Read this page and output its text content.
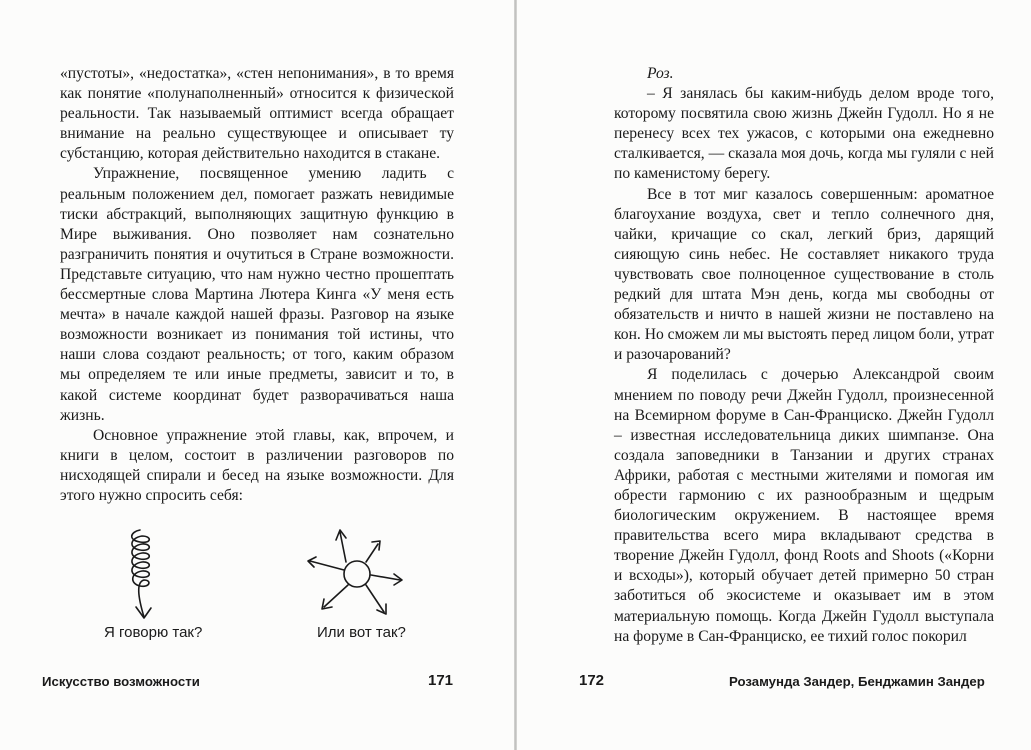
«пустоты», «недостатка», «стен непонимания», в то время как понятие «полунаполненный» относится к физической реальности. Так называемый оптимист всегда обращает внимание на реально существующее и описывает ту субстанцию, которая действительно находится в стакане.

Упражнение, посвященное умению ладить с реальным положением дел, помогает разжать невидимые тиски абстракций, выполняющих защитную функцию в Мире выживания. Оно позволяет нам сознательно разграничить понятия и очутиться в Стране возможности. Представьте ситуацию, что нам нужно честно прошептать бессмертные слова Мартина Лютера Кинга «У меня есть мечта» в начале каждой нашей фразы. Разговор на языке возможности возникает из понимания той истины, что наши слова создают реальность; от того, каким образом мы определяем те или иные предметы, зависит и то, в какой системе координат будет разворачиваться наша жизнь.

Основное упражнение этой главы, как, впрочем, и книги в целом, состоит в различении разговоров по нисходящей спирали и бесед на языке возможности. Для этого нужно спросить себя:

Я говорю так?	Или вот так?
Искусство возможности	171

Роз.

– Я занялась бы каким-нибудь делом вроде того, которому посвятила свою жизнь Джейн Гудолл. Но я не перенесу всех тех ужасов, с которыми она ежедневно сталкивается, — сказала моя дочь, когда мы гуляли с ней по каменистому берегу.

Все в тот миг казалось совершенным: ароматное благоухание воздуха, свет и тепло солнечного дня, чайки, кричащие со скал, легкий бриз, дарящий сияющую синь небес. Не составляет никакого труда чувствовать свое полноценное существование в столь редкий для штата Мэн день, когда мы свободны от обязательств и ничто в нашей жизни не поставлено на кон. Но сможем ли мы выстоять перед лицом боли, утрат и разочарований?

Я поделилась с дочерью Александрой своим мнением по поводу речи Джейн Гудолл, произнесенной на Всемирном форуме в Сан-Франциско. Джейн Гудолл – известная исследовательница диких шимпанзе. Она создала заповедники в Танзании и других странах Африки, работая с местными жителями и помогая им обрести гармонию с их разнообразным и щедрым биологическим окружением. В настоящее время правительства всего мира вкладывают средства в творение Джейн Гудолл, фонд Roots and Shoots («Корни и всходы»), который обучает детей примерно 50 стран заботиться об экосистеме и оказывает им в этом материальную помощь. Когда Джейн Гудолл выступала на форуме в Сан-Франциско, ее тихий голос покорил

172	Розамунда Зандер, Бенджамин Зандер
